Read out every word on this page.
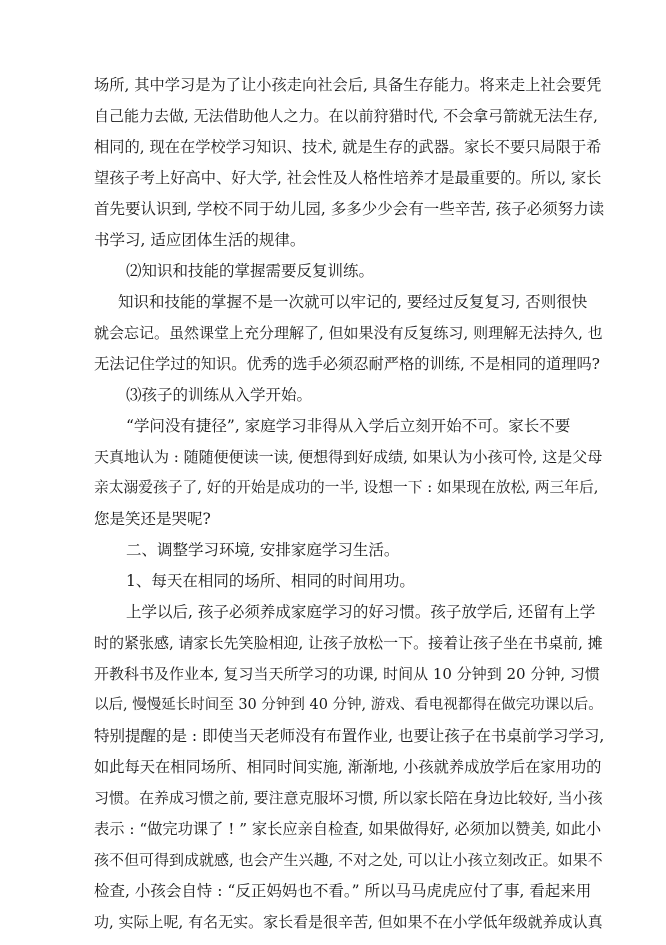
场所, 其中学习是为了让小孩走向社会后, 具备生存能力。将来走上社会要凭
自己能力去做, 无法借助他人之力。在以前狩猎时代, 不会拿弓箭就无法生存,
相同的, 现在在学校学习知识、技术, 就是生存的武器。家长不要只局限于希
望孩子考上好高中、好大学, 社会性及人格性培养才是最重要的。所以, 家长
首先要认识到, 学校不同于幼儿园, 多多少少会有一些辛苦, 孩子必须努力读
书学习, 适应团体生活的规律。
⑵知识和技能的掌握需要反复训练。
知识和技能的掌握不是一次就可以牢记的, 要经过反复复习, 否则很快
就会忘记。虽然课堂上充分理解了, 但如果没有反复练习, 则理解无法持久, 也
无法记住学过的知识。优秀的选手必须忍耐严格的训练, 不是相同的道理吗?
⑶孩子的训练从入学开始。
“学问没有捷径”, 家庭学习非得从入学后立刻开始不可。家长不要
天真地认为 : 随随便便读一读, 便想得到好成绩, 如果认为小孩可怜, 这是父母
亲太溺爱孩子了, 好的开始是成功的一半, 设想一下 : 如果现在放松, 两三年后,
您是笑还是哭呢?
二、调整学习环境, 安排家庭学习生活。
1、每天在相同的场所、相同的时间用功。
上学以后, 孩子必须养成家庭学习的好习惯。孩子放学后, 还留有上学
时的紧张感, 请家长先笑脸相迎, 让孩子放松一下。接着让孩子坐在书桌前, 摊
开教科书及作业本, 复习当天所学习的功课, 时间从 10 分钟到 20 分钟, 习惯
以后, 慢慢延长时间至 30 分钟到 40 分钟, 游戏、看电视都得在做完功课以后。
特别提醒的是 : 即使当天老师没有布置作业, 也要让孩子在书桌前学习学习,
如此每天在相同场所、相同时间实施, 渐渐地, 小孩就养成放学后在家用功的
习惯。在养成习惯之前, 要注意克服坏习惯, 所以家长陪在身边比较好, 当小孩
表示 : “做完功课了 ! ” 家长应亲自检查, 如果做得好, 必须加以赞美, 如此小
孩不但可得到成就感, 也会产生兴趣, 不对之处, 可以让小孩立刻改正。如果不
检查, 小孩会自恃 : “反正妈妈也不看。” 所以马马虎虎应付了事, 看起来用
功, 实际上呢, 有名无实。家长看是很辛苦, 但如果不在小学低年级就养成认真
